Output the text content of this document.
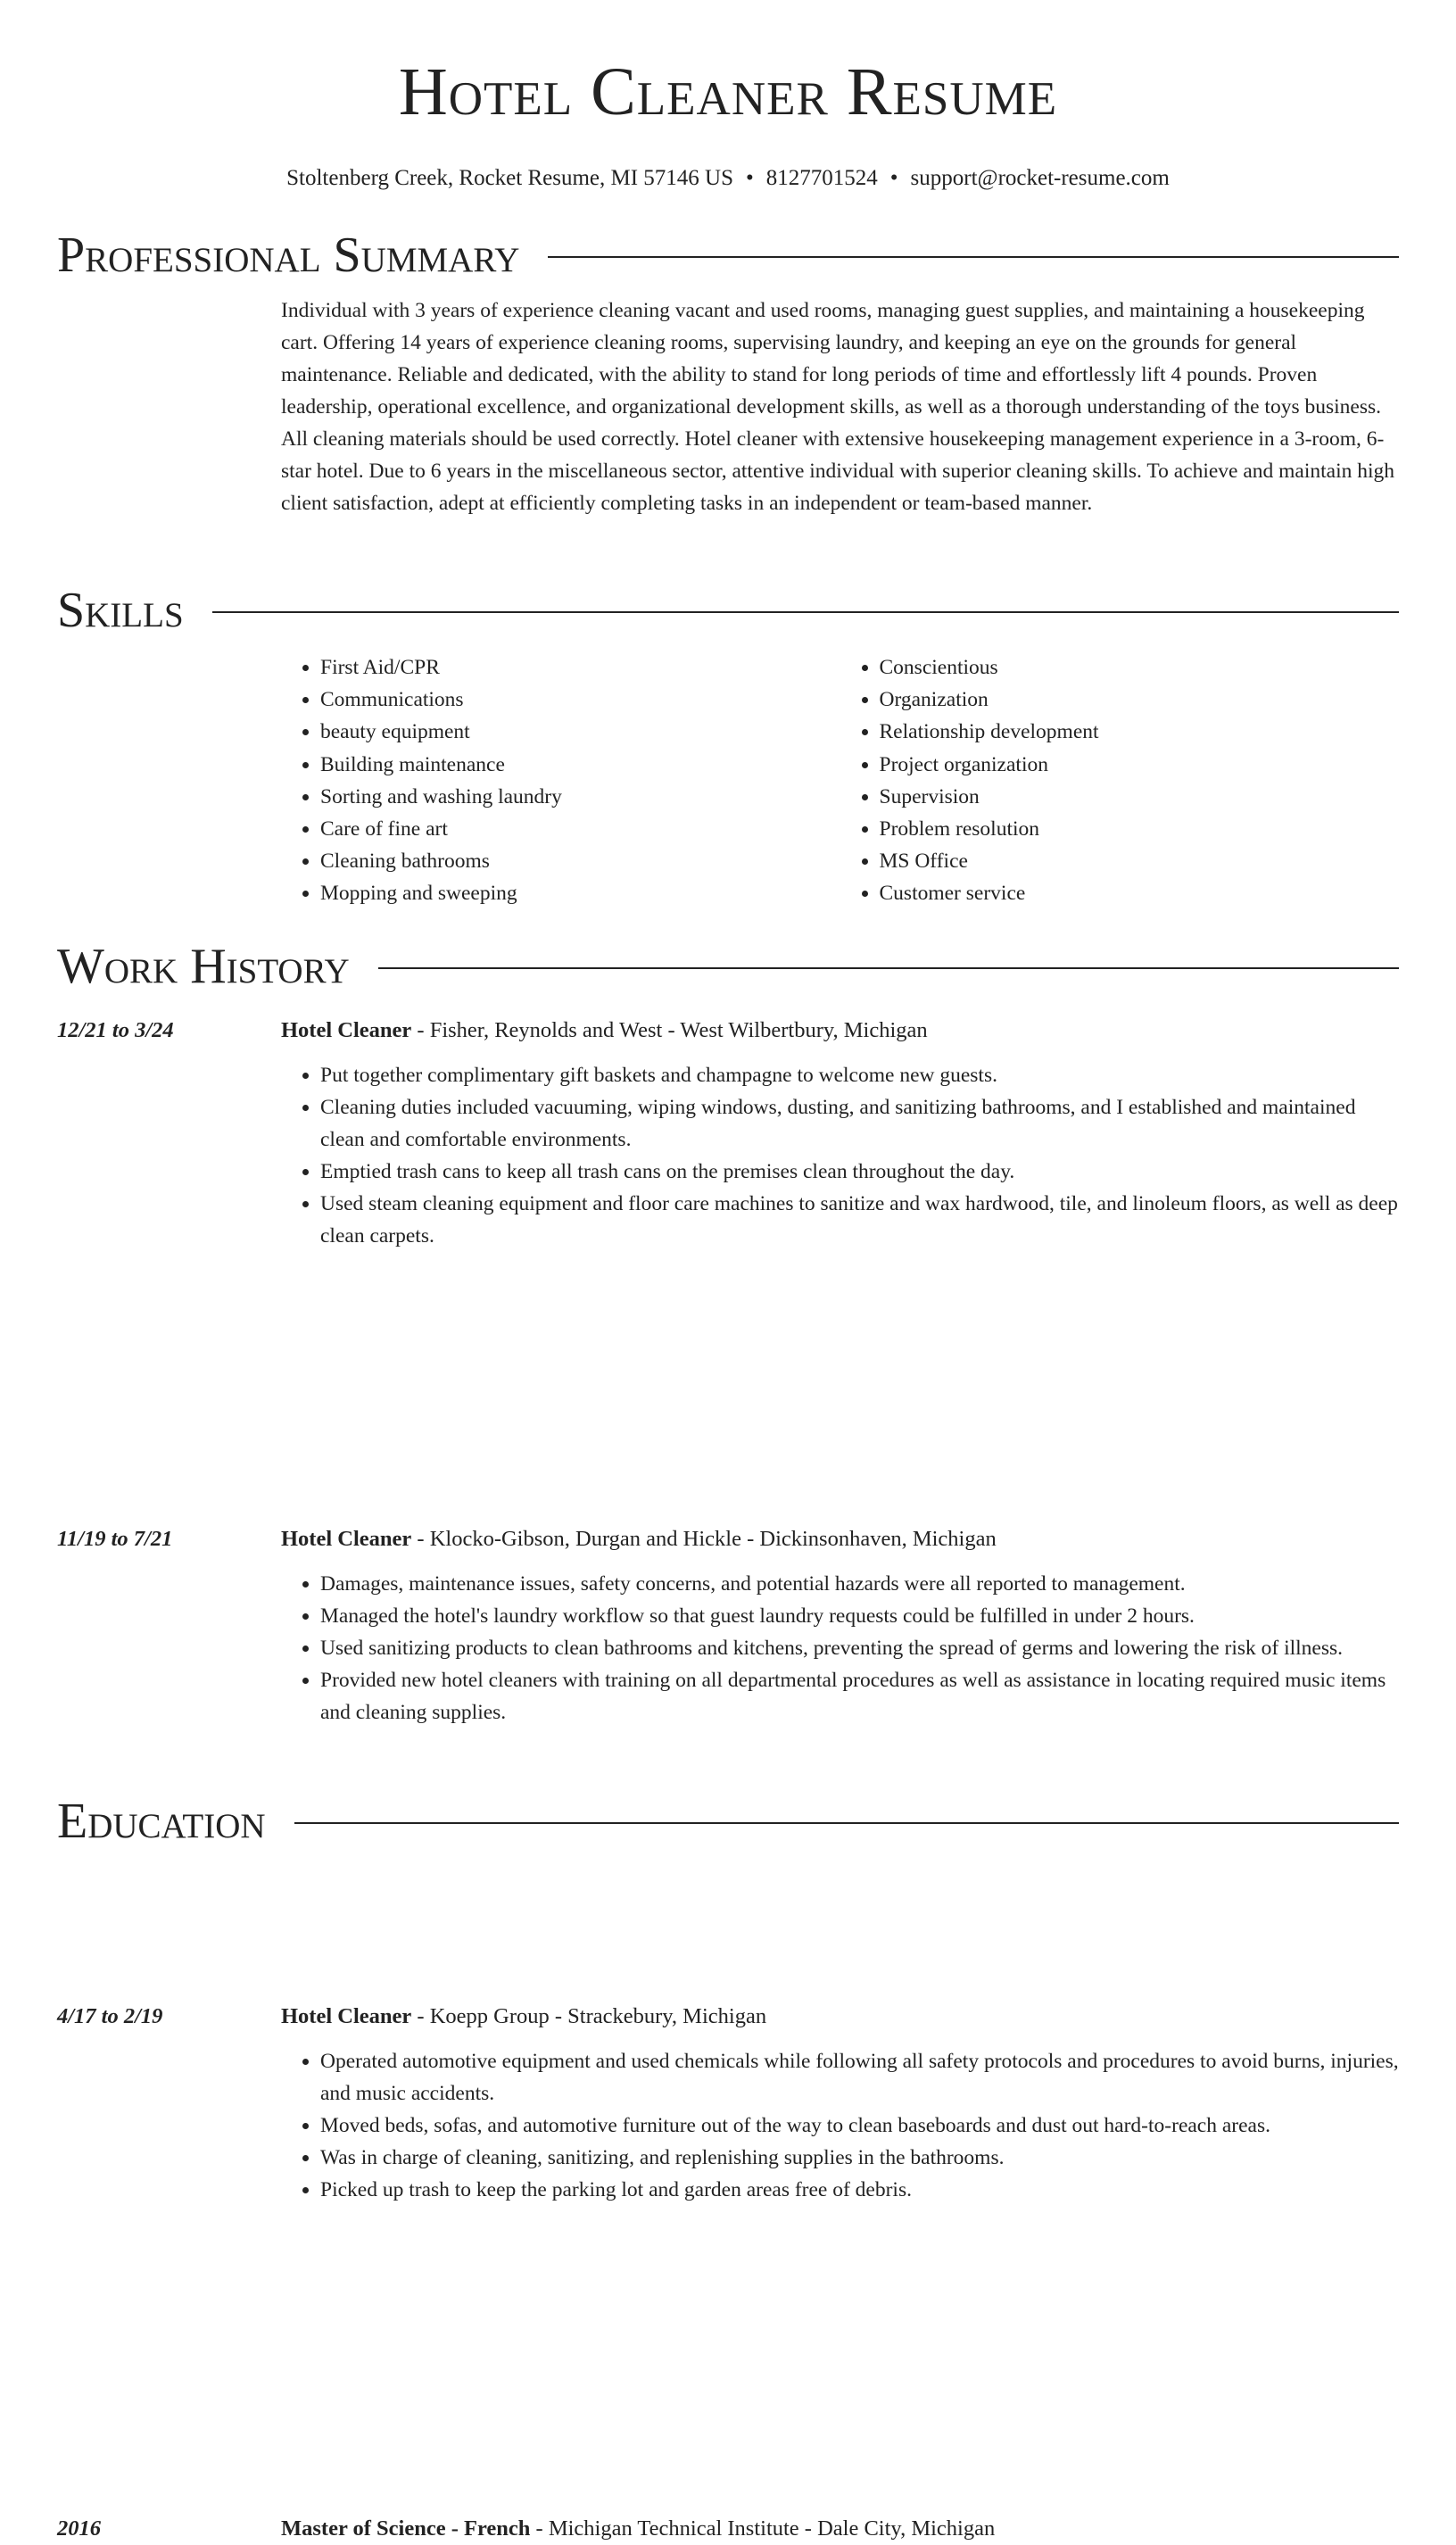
Hotel Cleaner Resume
Stoltenberg Creek, Rocket Resume, MI 57146 US • 8127701524 • support@rocket-resume.com
Professional Summary

Individual with 3 years of experience cleaning vacant and used rooms, managing guest supplies, and maintaining a housekeeping cart. Offering 14 years of experience cleaning rooms, supervising laundry, and keeping an eye on the grounds for general maintenance. Reliable and dedicated, with the ability to stand for long periods of time and effortlessly lift 4 pounds. Proven leadership, operational excellence, and organizational development skills, as well as a thorough understanding of the toys business. All cleaning materials should be used correctly. Hotel cleaner with extensive housekeeping management experience in a 3-room, 6-star hotel. Due to 6 years in the miscellaneous sector, attentive individual with superior cleaning skills. To achieve and maintain high client satisfaction, adept at efficiently completing tasks in an independent or team-based manner.

Skills
• First Aid/CPR
• Communications
• beauty equipment
• Building maintenance
• Sorting and washing laundry
• Care of fine art
• Cleaning bathrooms
• Mopping and sweeping
• Conscientious
• Organization
• Relationship development
• Project organization
• Supervision
• Problem resolution
• MS Office
• Customer service
Work History
12/21 to 3/24	Hotel Cleaner - Fisher, Reynolds and West - West Wilbertbury, Michigan
• Put together complimentary gift baskets and champagne to welcome new guests.
• Cleaning duties included vacuuming, wiping windows, dusting, and sanitizing bathrooms, and I established and maintained clean and comfortable environments.
• Emptied trash cans to keep all trash cans on the premises clean throughout the day.
• Used steam cleaning equipment and floor care machines to sanitize and wax hardwood, tile, and linoleum floors, as well as deep clean carpets.
11/19 to 7/21	Hotel Cleaner - Klocko-Gibson, Durgan and Hickle - Dickinsonhaven, Michigan
• Damages, maintenance issues, safety concerns, and potential hazards were all reported to management.
• Managed the hotel's laundry workflow so that guest laundry requests could be fulfilled in under 2 hours.
• Used sanitizing products to clean bathrooms and kitchens, preventing the spread of germs and lowering the risk of illness.
• Provided new hotel cleaners with training on all departmental procedures as well as assistance in locating required music items and cleaning supplies.
4/17 to 2/19	Hotel Cleaner - Koepp Group - Strackebury, Michigan
• Operated automotive equipment and used chemicals while following all safety protocols and procedures to avoid burns, injuries, and music accidents.
• Moved beds, sofas, and automotive furniture out of the way to clean baseboards and dust out hard-to-reach areas.
• Was in charge of cleaning, sanitizing, and replenishing supplies in the bathrooms.
• Picked up trash to keep the parking lot and garden areas free of debris.
Education
2016	Master of Science - French - Michigan Technical Institute - Dale City, Michigan
